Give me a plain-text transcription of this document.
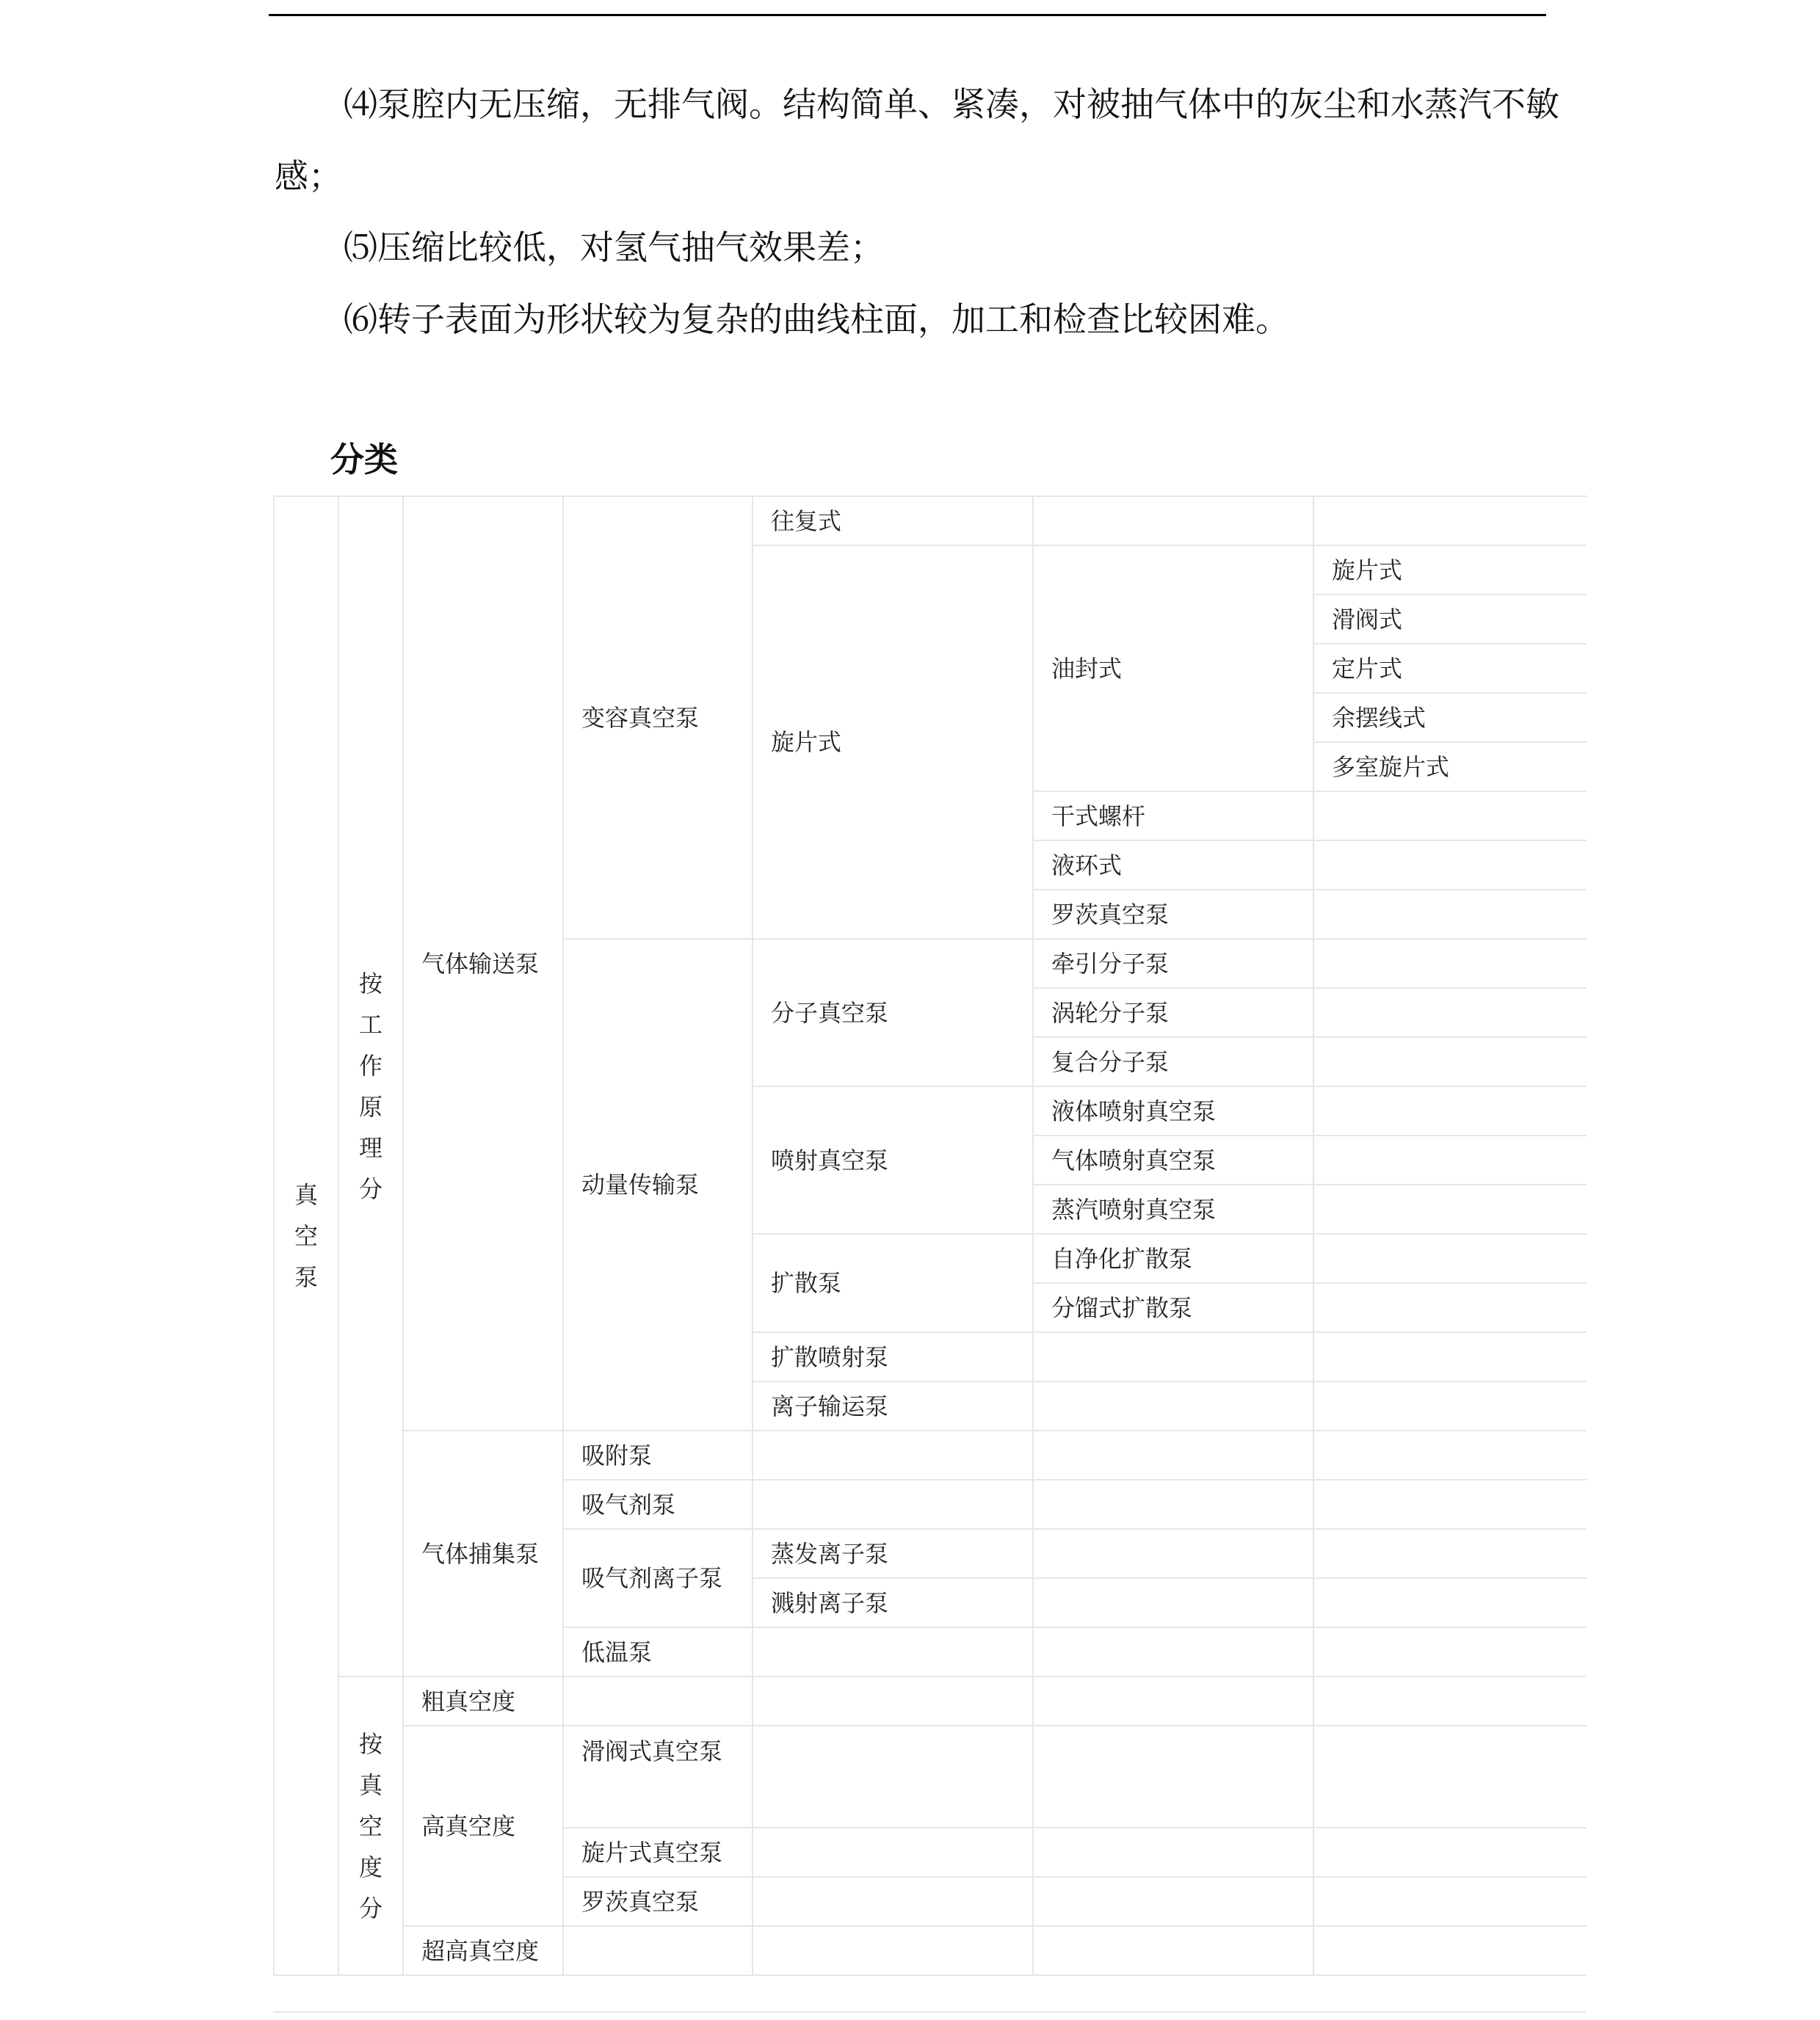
⑷泵腔内无压缩，无排气阀。结构简单、紧凑，对被抽气体中的灰尘和水蒸汽不敏
感；
⑸压缩比较低，对氢气抽气效果差；
⑹转子表面为形状较为复杂的曲线柱面，加工和检查比较困难。
分类
真空泵	按工作原理分	气体输送泵	变容真空泵	往复式		
				旋片式	油封式	旋片式
						滑阀式
						定片式
						余摆线式
						多室旋片式
					干式螺杆	
					液环式	
					罗茨真空泵	
			动量传输泵	分子真空泵	牵引分子泵	
					涡轮分子泵	
					复合分子泵	
				喷射真空泵	液体喷射真空泵	
					气体喷射真空泵	
					蒸汽喷射真空泵	
				扩散泵	自净化扩散泵	
					分馏式扩散泵	
				扩散喷射泵		
				离子输运泵		
		气体捕集泵	吸附泵			
			吸气剂泵			
			吸气剂离子泵	蒸发离子泵		
				溅射离子泵		
			低温泵			
	按真空度分	粗真空度				
		高真空度	滑阀式真空泵			
			旋片式真空泵			
			罗茨真空泵			
		超高真空度				
